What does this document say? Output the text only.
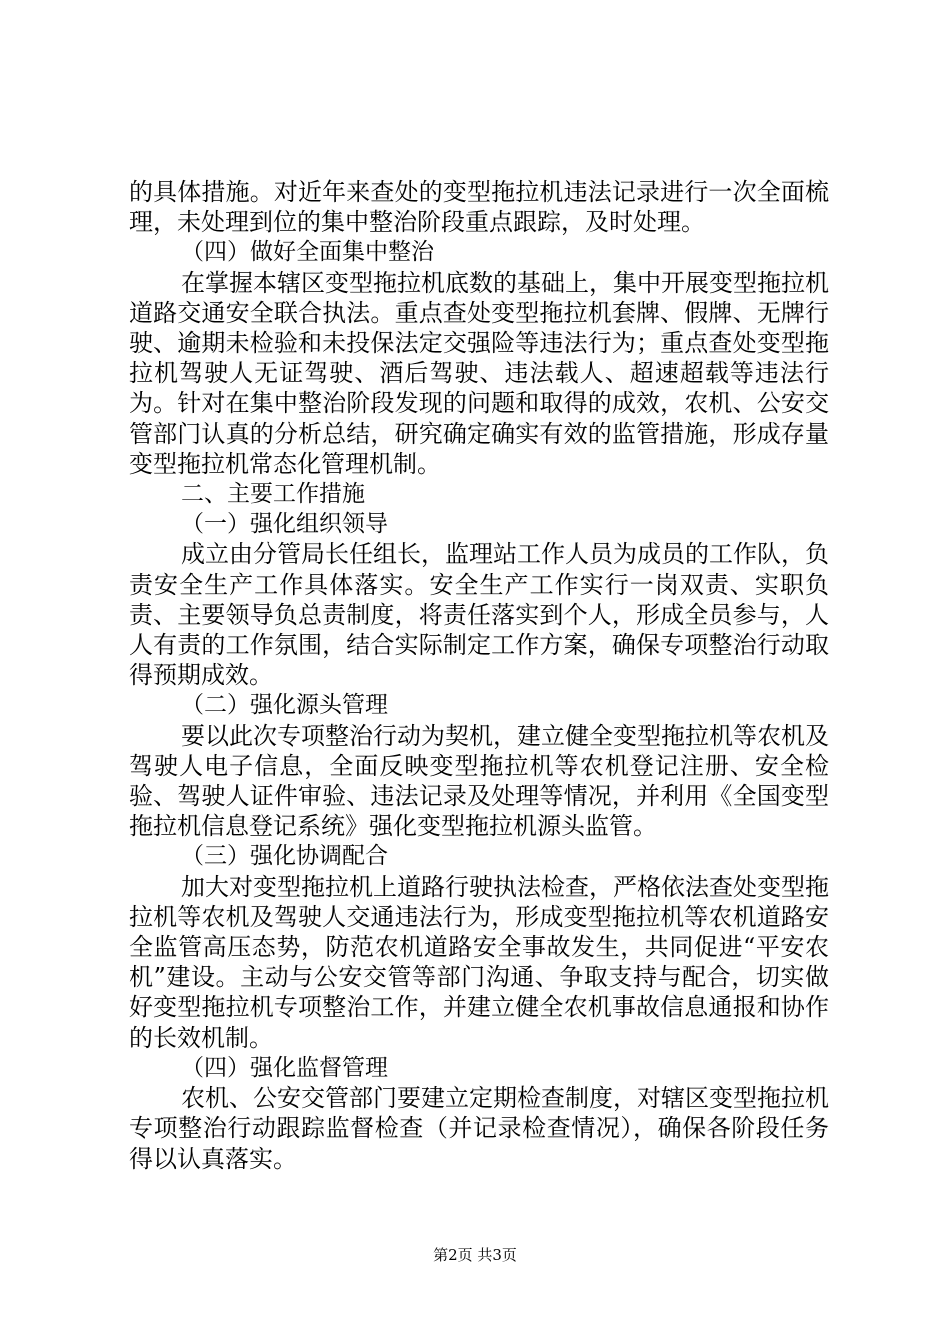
的具体措施。对近年来查处的变型拖拉机违法记录进行一次全面梳理，未处理到位的集中整治阶段重点跟踪，及时处理。

（四）做好全面集中整治

在掌握本辖区变型拖拉机底数的基础上，集中开展变型拖拉机道路交通安全联合执法。重点查处变型拖拉机套牌、假牌、无牌行驶、逾期未检验和未投保法定交强险等违法行为；重点查处变型拖拉机驾驶人无证驾驶、酒后驾驶、违法载人、超速超载等违法行为。针对在集中整治阶段发现的问题和取得的成效，农机、公安交管部门认真的分析总结，研究确定确实有效的监管措施，形成存量变型拖拉机常态化管理机制。

二、主要工作措施

（一）强化组织领导

成立由分管局长任组长，监理站工作人员为成员的工作队，负责安全生产工作具体落实。安全生产工作实行一岗双责、实职负责、主要领导负总责制度，将责任落实到个人，形成全员参与，人人有责的工作氛围，结合实际制定工作方案，确保专项整治行动取得预期成效。

（二）强化源头管理

要以此次专项整治行动为契机，建立健全变型拖拉机等农机及驾驶人电子信息，全面反映变型拖拉机等农机登记注册、安全检验、驾驶人证件审验、违法记录及处理等情况，并利用《全国变型拖拉机信息登记系统》强化变型拖拉机源头监管。

（三）强化协调配合

加大对变型拖拉机上道路行驶执法检查，严格依法查处变型拖拉机等农机及驾驶人交通违法行为，形成变型拖拉机等农机道路安全监管高压态势，防范农机道路安全事故发生，共同促进“平安农机”建设。主动与公安交管等部门沟通、争取支持与配合，切实做好变型拖拉机专项整治工作，并建立健全农机事故信息通报和协作的长效机制。

（四）强化监督管理

农机、公安交管部门要建立定期检查制度，对辖区变型拖拉机专项整治行动跟踪监督检查（并记录检查情况），确保各阶段任务得以认真落实。

第2页 共3页
